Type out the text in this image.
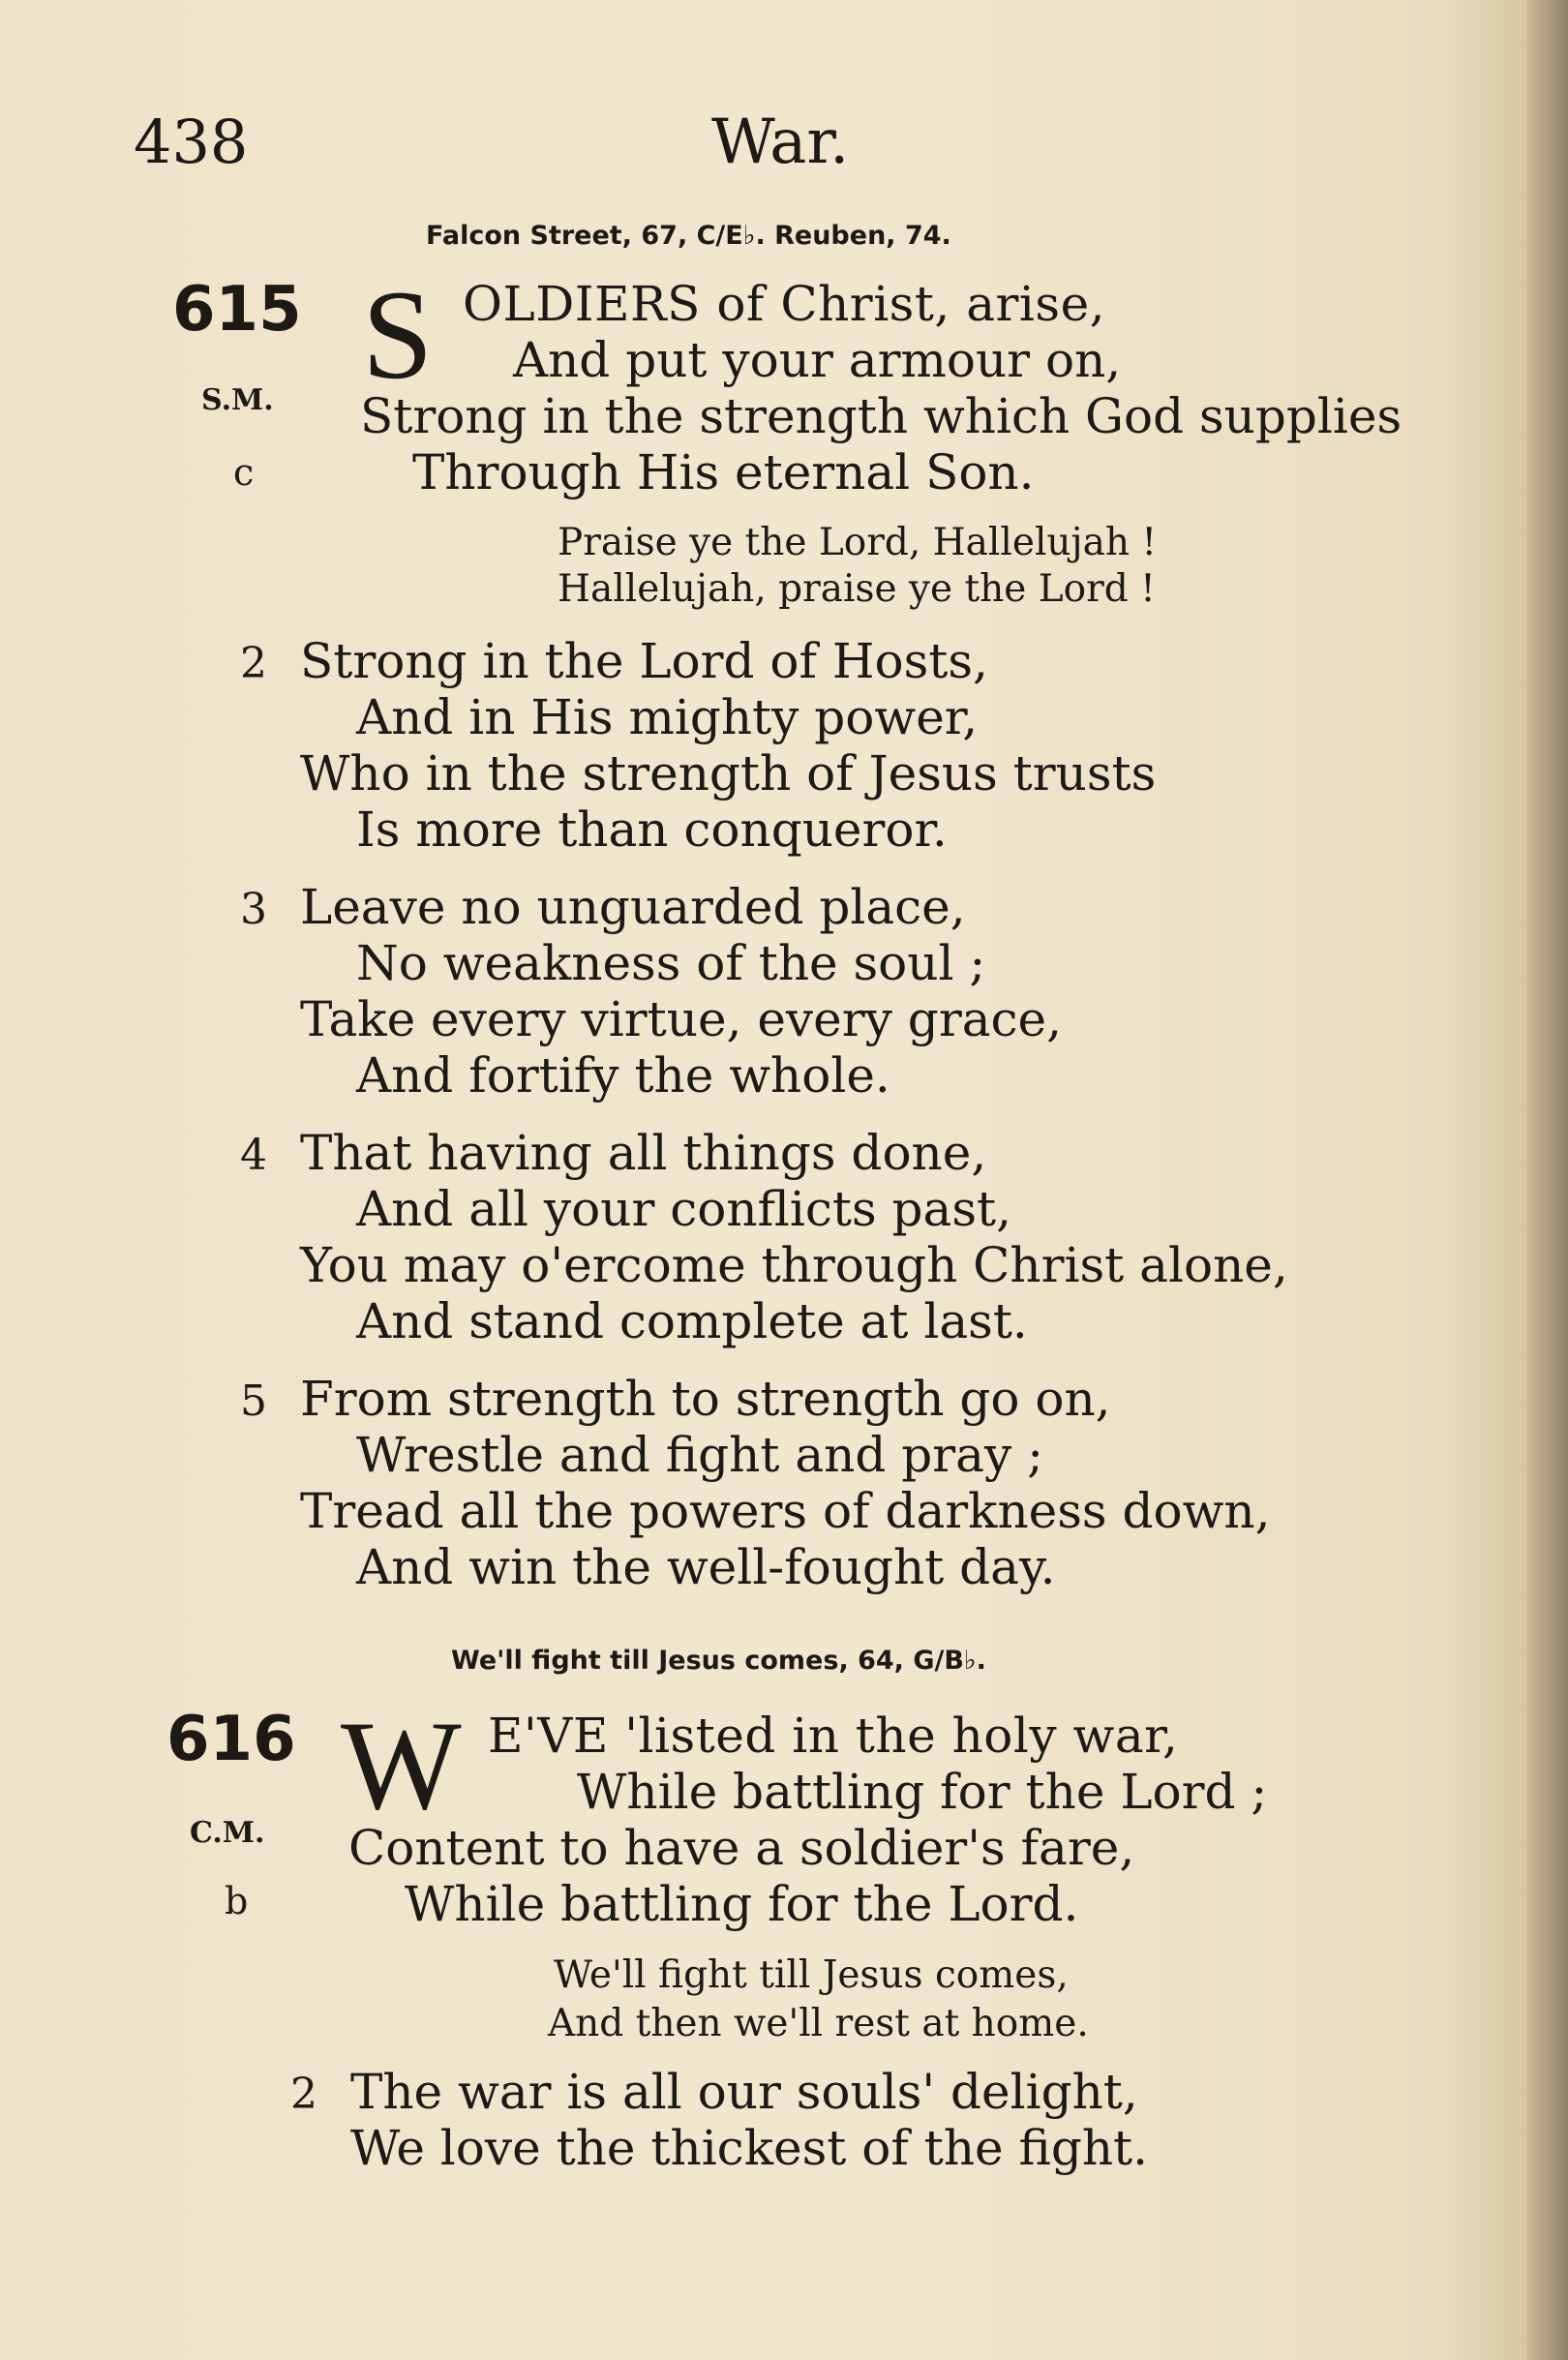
438	War.
Falcon Street, 67, C/E♭. Reuben, 74.
615
S.M.
c
S OLDIERS of Christ, arise,
And put your armour on,
Strong in the strength which God supplies
Through His eternal Son.
Praise ye the Lord, Hallelujah !
Hallelujah, praise ye the Lord !
2 Strong in the Lord of Hosts,
And in His mighty power,
Who in the strength of Jesus trusts
Is more than conqueror.
3 Leave no unguarded place,
No weakness of the soul ;
Take every virtue, every grace,
And fortify the whole.
4 That having all things done,
And all your conflicts past,
You may o'ercome through Christ alone,
And stand complete at last.
5 From strength to strength go on,
Wrestle and fight and pray ;
Tread all the powers of darkness down,
And win the well-fought day.
We'll fight till Jesus comes, 64, G/B♭.
616
C.M.
b
W E'VE 'listed in the holy war,
While battling for the Lord ;
Content to have a soldier's fare,
While battling for the Lord.
We'll fight till Jesus comes,
And then we'll rest at home.
2 The war is all our souls' delight,
We love the thickest of the fight.
